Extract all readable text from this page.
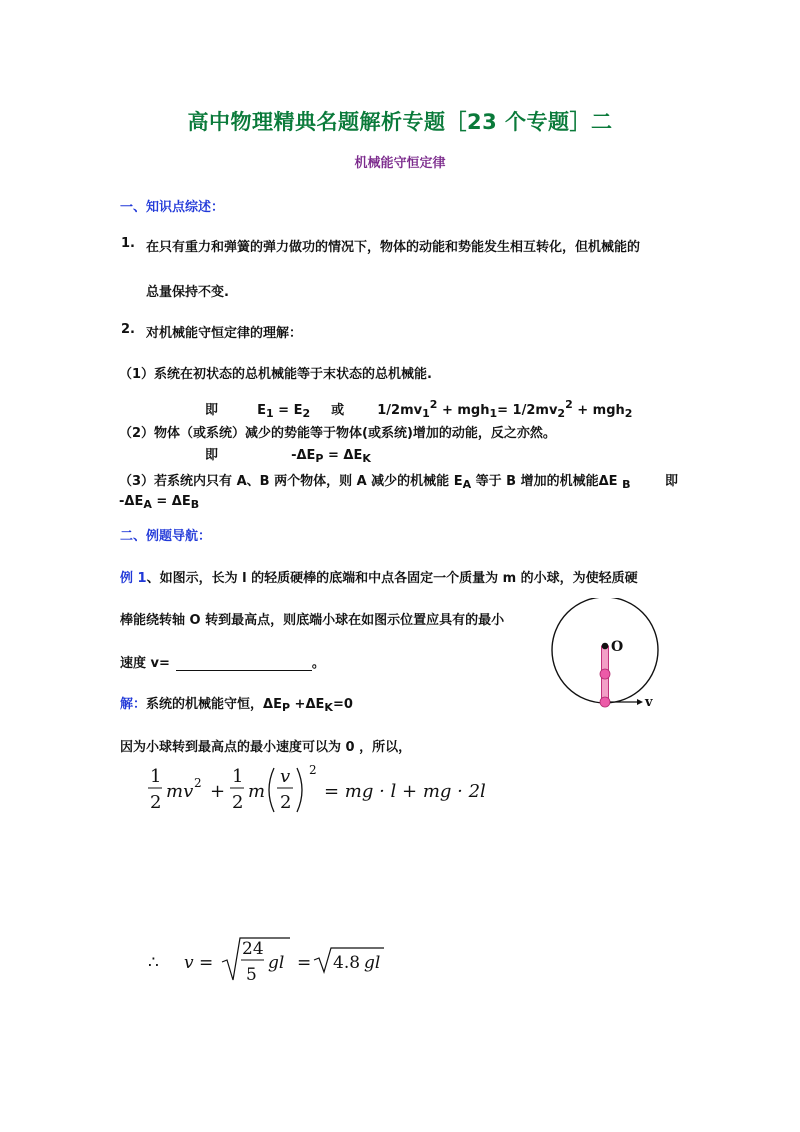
高中物理精典名题解析专题［23 个专题］二
机械能守恒定律
一、知识点综述：
1. 在只有重力和弹簧的弹力做功的情况下，物体的动能和势能发生相互转化，但机械能的
总量保持不变.
2. 对机械能守恒定律的理解：
（1）系统在初状态的总机械能等于末状态的总机械能.
即	$E_1 = E_2$ 或	$1/2mv_1^2 + mgh_1= 1/2mv_2^2 + mgh_2$
（2）物体（或系统）减少的势能等于物体(或系统)增加的动能，反之亦然。
即	$-\Delta E_P = \Delta E_K$
（3）若系统内只有 A、B 两个物体，则 A 减少的机械能 $E_A$ 等于 B 增加的机械能ΔE $_B$	即
$-\Delta E_A = \Delta E_B$
二、例题导航：
例 1、如图示，长为 l 的轻质硬棒的底端和中点各固定一个质量为 m 的小球，为使轻质硬
棒能绕转轴 O 转到最高点，则底端小球在如图示位置应具有的最小
速度 v=	。
O
v
解：系统的机械能守恒，$\Delta E_P +\Delta E_K=0$
因为小球转到最高点的最小速度可以为 0 ，所以，
1
2
mv 2 +
1
2
m
v
2
2
= mg · l + mg · 2l
∴ v =
24
5
gl = 4.8 gl
